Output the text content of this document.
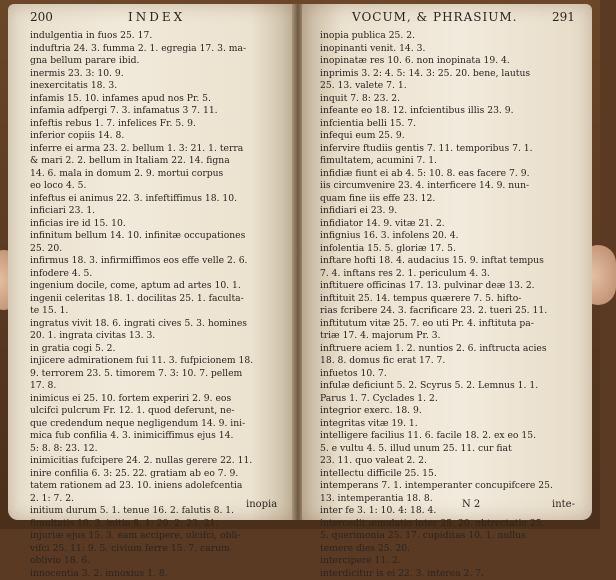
200	INDEX
indulgentia in fuos 25. 17.
induftria 24. 3. fumma 2. 1. egregia 17. 3. ma-
gna bellum parare ibid.
inermis 23. 3: 10. 9.
inexercitatis 18. 3.
infamis 15. 10. infames apud nos Pr. 5.
infamia adfpergi 7. 3. infamatus 3 7. 11.
infeftis rebus 1. 7. infelices Fr. 5. 9.
inferior copiis 14. 8.
inferre ei arma 23. 2. bellum 1. 3: 21. 1. terra
& mari 2. 2. bellum in Italiam 22. 14. figna
14. 6. mala in domum 2. 9. mortui corpus
eo loco 4. 5.
infeftus ei animus 22. 3. infeftiffimus 18. 10.
inficiari 23. 1.
inficias ire id 15. 10.
infinitum bellum 14. 10. infinitæ occupationes
25. 20.
infirmus 18. 3. infirmiffimos eos effe velle 2. 6.
infodere 4. 5.
ingenium docile, come, aptum ad artes 10. 1.
ingenii celeritas 18. 1. docilitas 25. 1. faculta-
te 15. 1.
ingratus vivit 18. 6. ingrati cives 5. 3. homines
20. 1. ingrata civitas 13. 3.
in gratia cogi 5. 2.
injicere admirationem fui 11. 3. fufpicionem 18.
9. terrorem 23. 5. timorem 7. 3: 10. 7. pellem
17. 8.
inimicus ei 25. 10. fortem experiri 2. 9. eos
ulcifci pulcrum Fr. 12. 1. quod deferunt, ne-
que credendum neque negligendum 14. 9. ini-
mica fub confilia 4. 3. inimiciffimus ejus 14.
5: 8. 8: 23. 12.
inimicitias fufcipere 24. 2. nullas gerere 22. 11.
inire confilia 6. 3: 25. 22. gratiam ab eo 7. 9.
tatem rationem ad 23. 10. iniens adolefcentia
2. 1: 7. 2.
initium durum 5. 1. tenue 16. 2. falutis 8. 1.
fimultatis 10. 3. initio 8. 1: 20. 2: 23. 21.
injuriæ ejus 15. 3. eam accipere, ulcifci, obli-
vifci 25. 11: 9. 5. civium ferre 15. 7. carum
oblivio 18. 6.
innocentia 3. 2. innoxius 1. 8.
inopia
VOCUM, & PHRASIUM.	291
inopia publica 25. 2.
inopinanti venit. 14. 3.
inopinatæ res 10. 6. non inopinata 19. 4.
inprimis 3. 2: 4. 5: 14. 3: 25. 20. bene, lautus
25. 13. valete 7. 1.
inquit 7. 8: 23. 2.
infeante eo 18. 12. infcientibus illis 23. 9.
infcientia belli 15. 7.
infequi eum 25. 9.
infervire ftudiis gentis 7. 11. temporibus 7. 1.
fimultatem, acumini 7. 1.
infidiæ fiunt ei ab 4. 5: 10. 8. eas facere 7. 9.
iis circumvenire 23. 4. interficere 14. 9. nun-
quam fine iis effe 23. 12.
infidiari ei 23. 9.
infidiator 14. 9. vitæ 21. 2.
infignius 16. 3. infolens 20. 4.
infolentia 15. 5. gloriæ 17. 5.
inftare hofti 18. 4. audacius 15. 9. inftat tempus
7. 4. inftans res 2. 1. periculum 4. 3.
inftituere officinas 17. 13. pulvinar deæ 13. 2.
inftituit 25. 14. tempus quærere 7. 5. hifto-
rias fcribere 24. 3. facrificare 23. 2. tueri 25. 11.
inftitutum vitæ 25. 7. eo uti Pr. 4. inftituta pa-
triæ 17. 4. majorum Pr. 3.
inftruere aciem 1. 2. nuntios 2. 6. inftructa acies
18. 8. domus fic erat 17. 7.
infuetos 10. 7.
infulæ deficiunt 5. 2. Scyrus 5. 2. Lemnus 1. 1.
Parus 1. 7. Cyclades 1. 2.
integrior exerc. 18. 9.
integritas vitæ 19. 1.
intelligere facilius 11. 6. facile 18. 2. ex eo 15.
5. e vultu 4. 5. illud unum 25. 11. cur fiat
23. 11. quo valeat 2. 2.
intellectu difficile 25. 15.
intemperans 7. 1. intemperanter concupifcere 25.
13. intemperantia 18. 8.
inter fe 3. 1: 10. 4: 18. 4.
intercedit æmulatio inter 25. 20. obtrectatio 25.
5. querimonia 25. 17. cupiditas 10. 1. nullus
temere dies 25. 20.
intercipere 11. 2.
interdicitur is ei 22. 3. interea 2. 7.
N 2	inte-
